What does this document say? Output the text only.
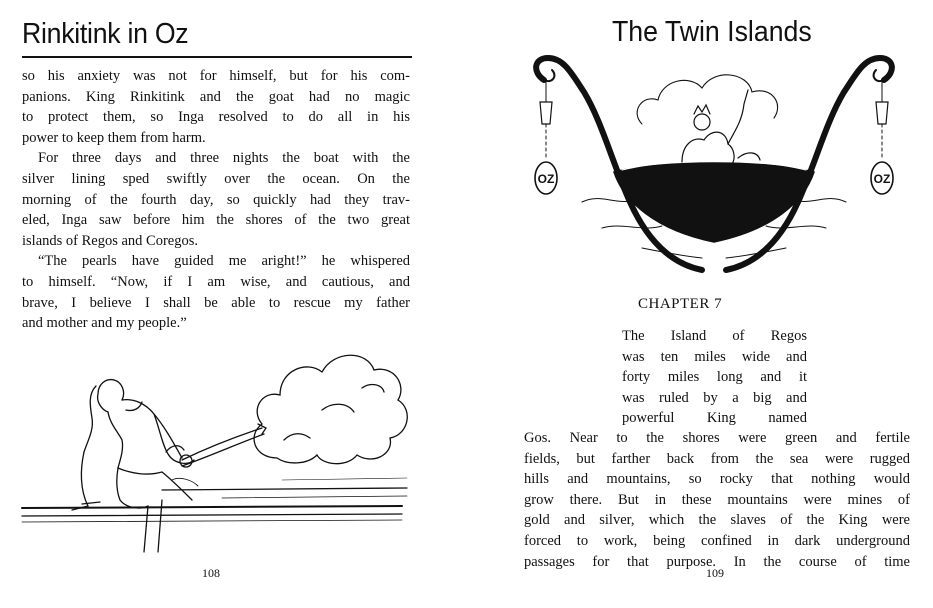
Rinkitink in Oz
so his anxiety was not for himself, but for his com-
panions. King Rinkitink and the goat had no magic
to protect them, so Inga resolved to do all in his
power to keep them from harm.
For three days and three nights the boat with the
silver lining sped swiftly over the ocean. On the
morning of the fourth day, so quickly had they trav-
eled, Inga saw before him the shores of the two great
islands of Regos and Coregos.
“The pearls have guided me aright!” he whispered
to himself. “Now, if I am wise, and cautious, and
brave, I believe I shall be able to rescue my father
and mother and my people.”
108
The Twin Islands
OZ	OZ
CHAPTER 7
The Island of Regos
was ten miles wide and
forty miles long and it
was ruled by a big and
powerful King named
Gos. Near to the shores were green and fertile
fields, but farther back from the sea were rugged
hills and mountains, so rocky that nothing would
grow there. But in these mountains were mines of
gold and silver, which the slaves of the King were
forced to work, being confined in dark underground
passages for that purpose. In the course of time
109
